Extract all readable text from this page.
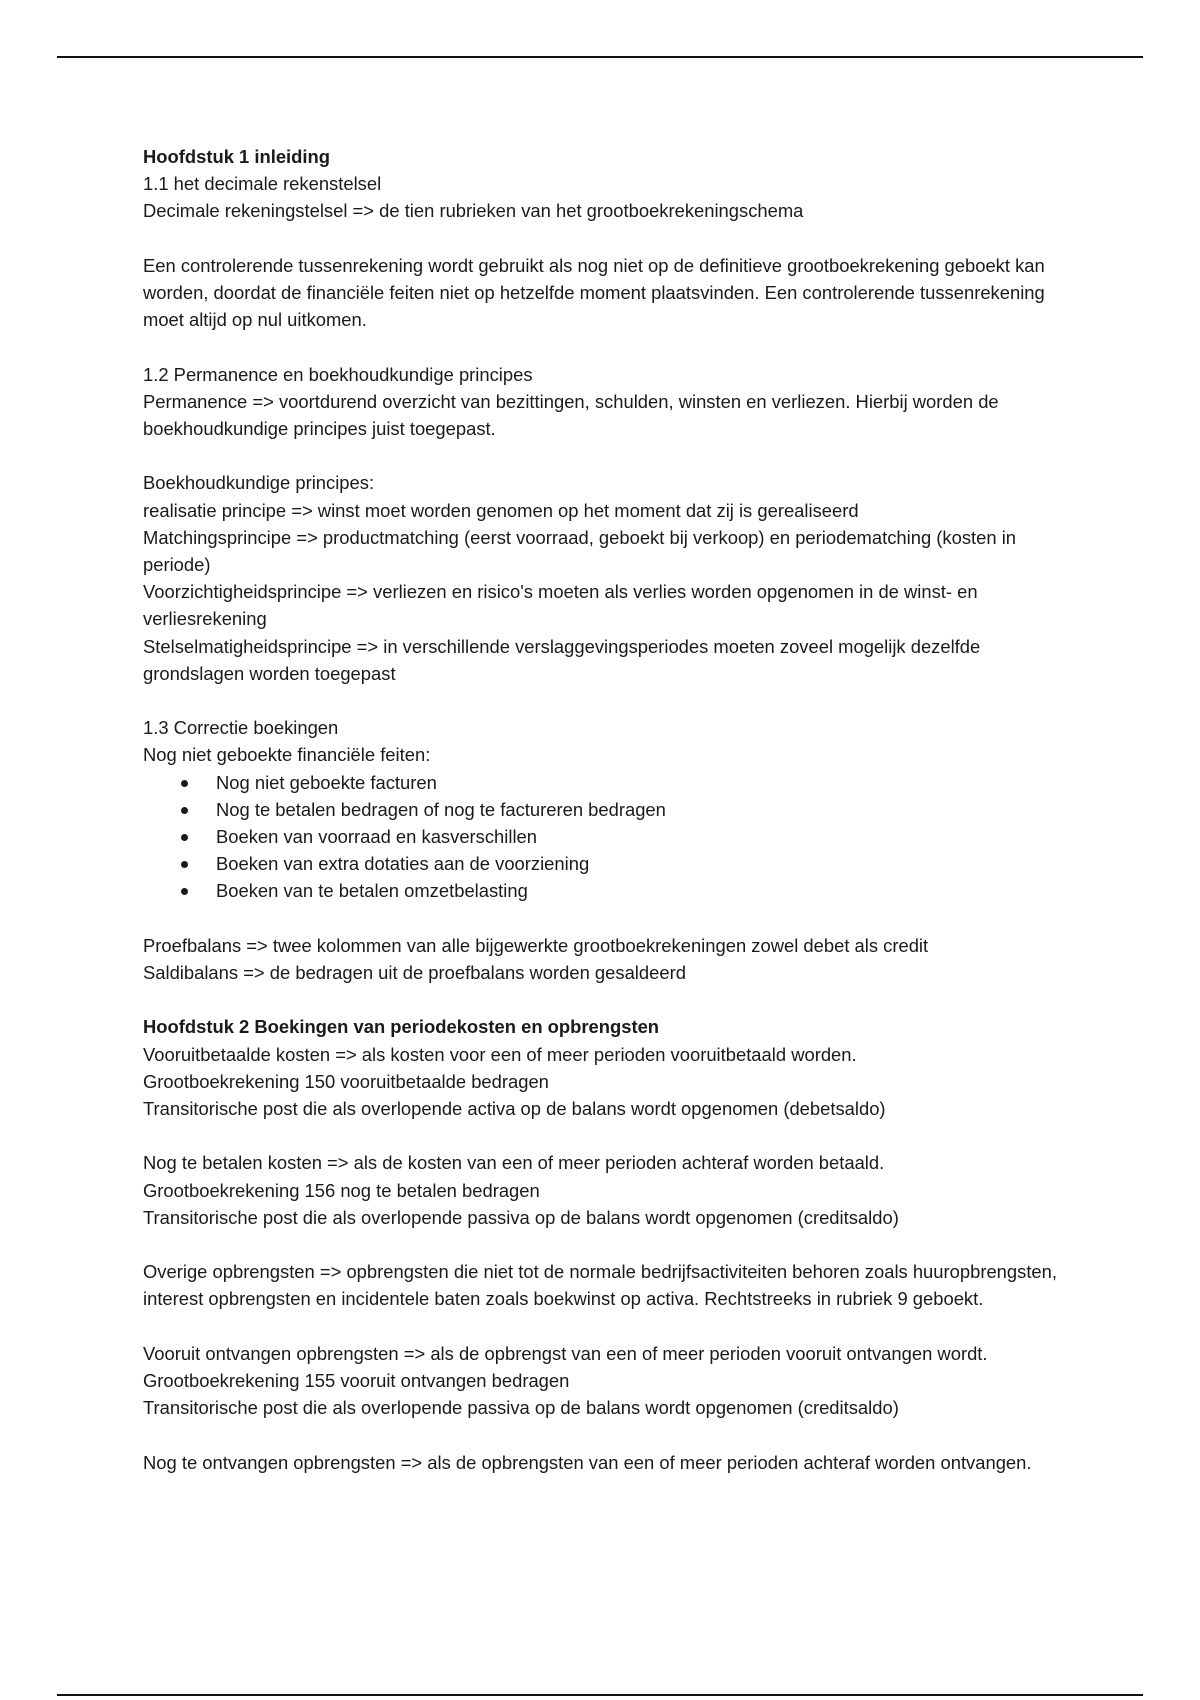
Hoofdstuk 1 inleiding

1.1 het decimale rekenstelsel

Decimale rekeningstelsel => de tien rubrieken van het grootboekrekeningschema

Een controlerende tussenrekening wordt gebruikt als nog niet op de definitieve grootboekrekening geboekt kan worden, doordat de financiële feiten niet op hetzelfde moment plaatsvinden. Een controlerende tussenrekening moet altijd op nul uitkomen.

1.2 Permanence en boekhoudkundige principes

Permanence => voortdurend overzicht van bezittingen, schulden, winsten en verliezen. Hierbij worden de boekhoudkundige principes juist toegepast.

Boekhoudkundige principes:

realisatie principe => winst moet worden genomen op het moment dat zij is gerealiseerd

Matchingsprincipe => productmatching (eerst voorraad, geboekt bij verkoop) en periodematching (kosten in periode)

Voorzichtigheidsprincipe => verliezen en risico's moeten als verlies worden opgenomen in de winst- en verliesrekening

Stelselmatigheidsprincipe => in verschillende verslaggevingsperiodes moeten zoveel mogelijk dezelfde grondslagen worden toegepast

1.3 Correctie boekingen

Nog niet geboekte financiële feiten:

Nog niet geboekte facturen
Nog te betalen bedragen of nog te factureren bedragen
Boeken van voorraad en kasverschillen
Boeken van extra dotaties aan de voorziening
Boeken van te betalen omzetbelasting

Proefbalans => twee kolommen van alle bijgewerkte grootboekrekeningen zowel debet als credit

Saldibalans => de bedragen uit de proefbalans worden gesaldeerd

Hoofdstuk 2 Boekingen van periodekosten en opbrengsten

Vooruitbetaalde kosten => als kosten voor een of meer perioden vooruitbetaald worden.

Grootboekrekening 150 vooruitbetaalde bedragen

Transitorische post die als overlopende activa op de balans wordt opgenomen (debetsaldo)

Nog te betalen kosten => als de kosten van een of meer perioden achteraf worden betaald.

Grootboekrekening 156 nog te betalen bedragen

Transitorische post die als overlopende passiva op de balans wordt opgenomen (creditsaldo)

Overige opbrengsten => opbrengsten die niet tot de normale bedrijfsactiviteiten behoren zoals huuropbrengsten, interest opbrengsten en incidentele baten zoals boekwinst op activa. Rechtstreeks in rubriek 9 geboekt.

Vooruit ontvangen opbrengsten => als de opbrengst van een of meer perioden vooruit ontvangen wordt.

Grootboekrekening 155 vooruit ontvangen bedragen

Transitorische post die als overlopende passiva op de balans wordt opgenomen (creditsaldo)

Nog te ontvangen opbrengsten => als de opbrengsten van een of meer perioden achteraf worden ontvangen.
